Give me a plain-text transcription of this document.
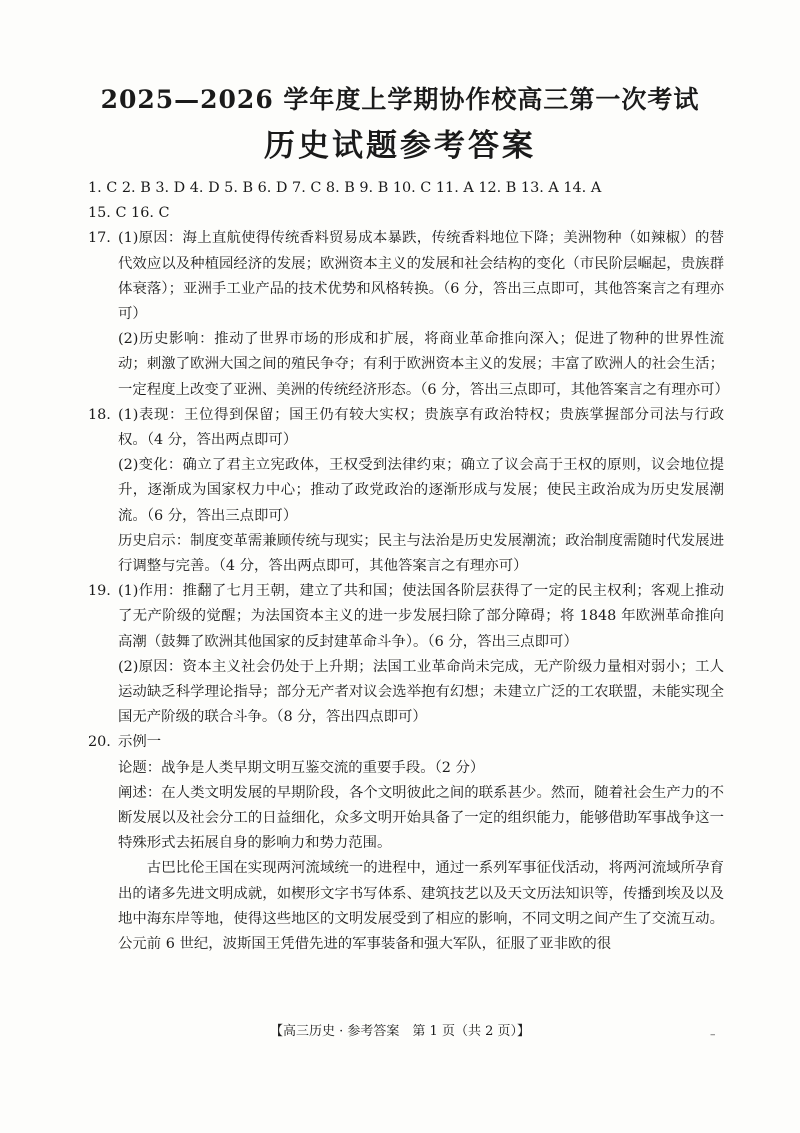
2025—2026 学年度上学期协作校高三第一次考试
历史试题参考答案

1. C 2. B 3. D 4. D 5. B 6. D 7. C 8. B 9. B 10. C 11. A 12. B 13. A 14. A

15. C 16. C

17. (1)原因：海上直航使得传统香料贸易成本暴跌，传统香料地位下降；美洲物种（如辣椒）的替代效应以及种植园经济的发展；欧洲资本主义的发展和社会结构的变化（市民阶层崛起，贵族群体衰落）；亚洲手工业产品的技术优势和风格转换。（6 分，答出三点即可，其他答案言之有理亦可）

(2)历史影响：推动了世界市场的形成和扩展，将商业革命推向深入；促进了物种的世界性流动；刺激了欧洲大国之间的殖民争夺；有利于欧洲资本主义的发展；丰富了欧洲人的社会生活；一定程度上改变了亚洲、美洲的传统经济形态。（6 分，答出三点即可，其他答案言之有理亦可）

18. (1)表现：王位得到保留；国王仍有较大实权；贵族享有政治特权；贵族掌握部分司法与行政权。（4 分，答出两点即可）

(2)变化：确立了君主立宪政体，王权受到法律约束；确立了议会高于王权的原则，议会地位提升，逐渐成为国家权力中心；推动了政党政治的逐渐形成与发展；使民主政治成为历史发展潮流。（6 分，答出三点即可）

历史启示：制度变革需兼顾传统与现实；民主与法治是历史发展潮流；政治制度需随时代发展进行调整与完善。（4 分，答出两点即可，其他答案言之有理亦可）

19. (1)作用：推翻了七月王朝，建立了共和国；使法国各阶层获得了一定的民主权利；客观上推动了无产阶级的觉醒；为法国资本主义的进一步发展扫除了部分障碍；将 1848 年欧洲革命推向高潮（鼓舞了欧洲其他国家的反封建革命斗争）。（6 分，答出三点即可）

(2)原因：资本主义社会仍处于上升期；法国工业革命尚未完成，无产阶级力量相对弱小；工人运动缺乏科学理论指导；部分无产者对议会选举抱有幻想；未建立广泛的工农联盟，未能实现全国无产阶级的联合斗争。（8 分，答出四点即可）

20. 示例一

论题：战争是人类早期文明互鉴交流的重要手段。（2 分）

阐述：在人类文明发展的早期阶段，各个文明彼此之间的联系甚少。然而，随着社会生产力的不断发展以及社会分工的日益细化，众多文明开始具备了一定的组织能力，能够借助军事战争这一特殊形式去拓展自身的影响力和势力范围。

古巴比伦王国在实现两河流域统一的进程中，通过一系列军事征伐活动，将两河流域所孕育出的诸多先进文明成就，如楔形文字书写体系、建筑技艺以及天文历法知识等，传播到埃及以及地中海东岸等地，使得这些地区的文明发展受到了相应的影响，不同文明之间产生了交流互动。公元前 6 世纪，波斯国王凭借先进的军事装备和强大军队，征服了亚非欧的很

【高三历史 · 参考答案　第 1 页（共 2 页）】	–
